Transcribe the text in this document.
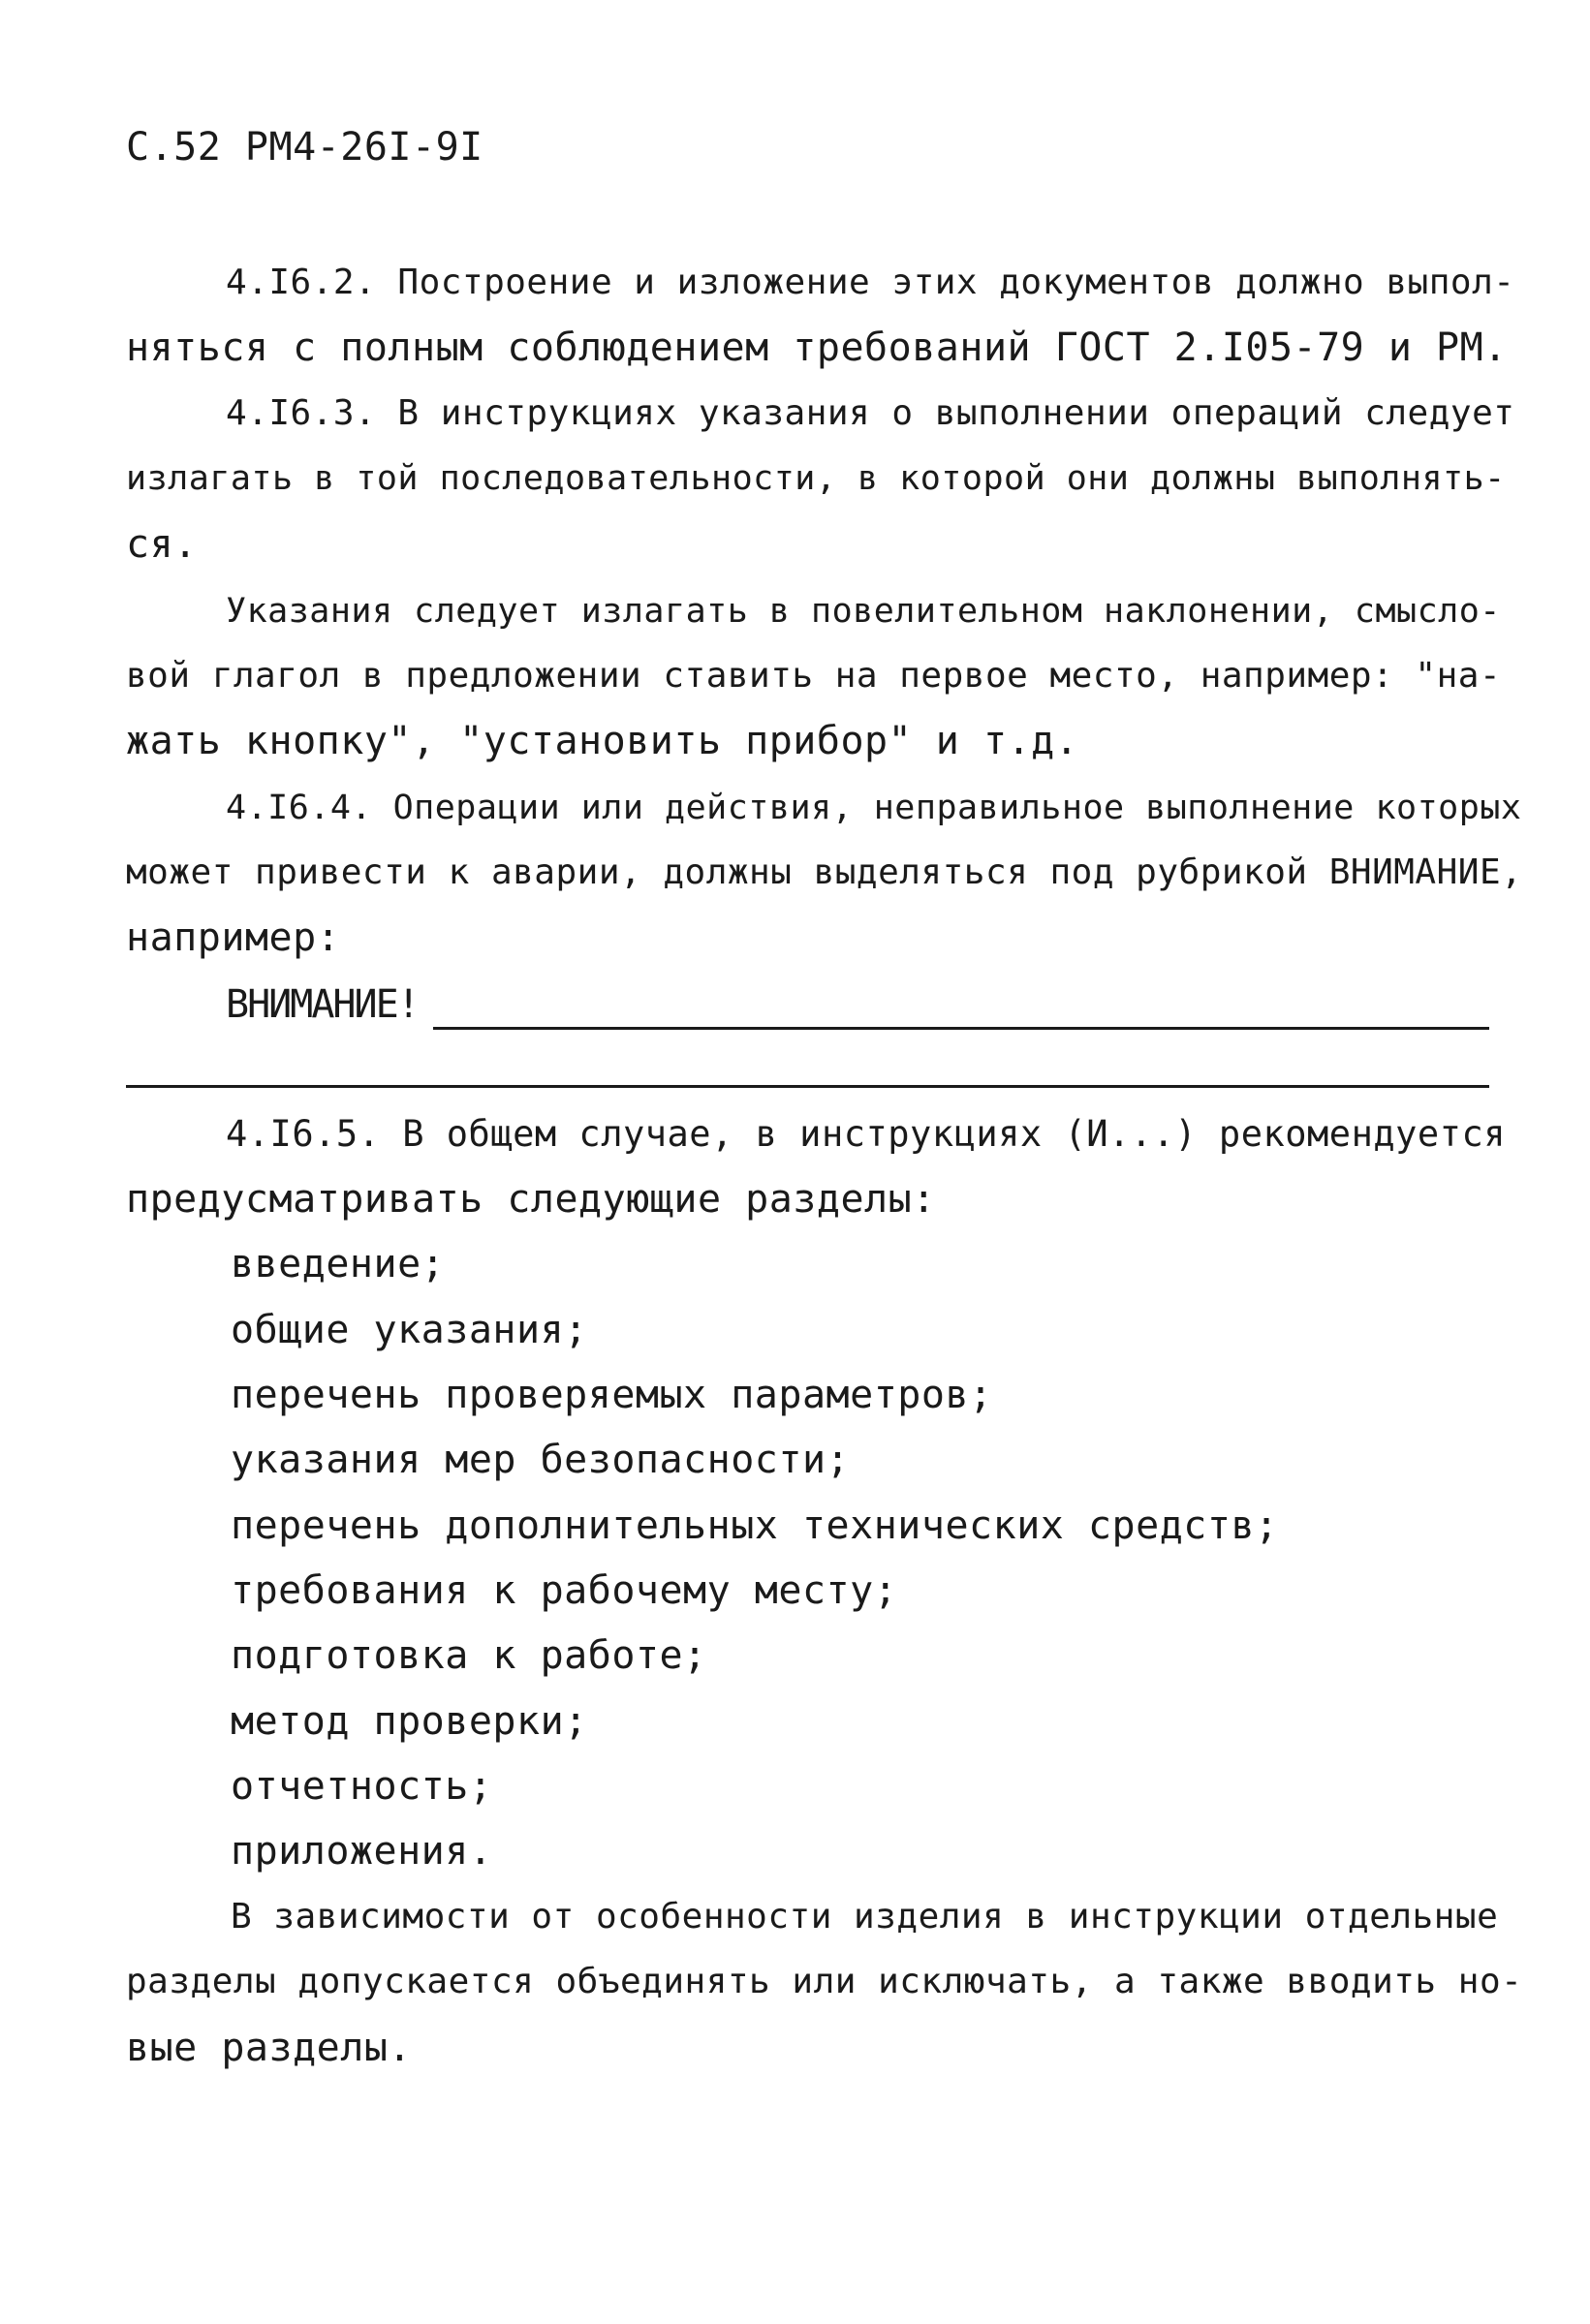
С.52 РМ4-26I-9I
4.I6.2. Построение и изложение этих документов должно выпол-
няться с полным соблюдением требований ГОСТ 2.I05-79 и РМ.
4.I6.3. В инструкциях указания о выполнении операций следует
излагать в той последовательности, в которой они должны выполнять-
ся.
Указания следует излагать в повелительном наклонении, смысло-
вой глагол в предложении ставить на первое место, например: "на-
жать кнопку", "установить прибор" и т.д.
4.I6.4. Операции или действия, неправильное выполнение которых
может привести к аварии, должны выделяться под рубрикой ВНИМАНИЕ,
например:
ВНИМАНИЕ!
4.I6.5. В общем случае, в инструкциях (И...) рекомендуется
предусматривать следующие разделы:
введение;
общие указания;
перечень проверяемых параметров;
указания мер безопасности;
перечень дополнительных технических средств;
требования к рабочему месту;
подготовка к работе;
метод проверки;
отчетность;
приложения.
В зависимости от особенности изделия в инструкции отдельные
разделы допускается объединять или исключать, а также вводить но-
вые разделы.
